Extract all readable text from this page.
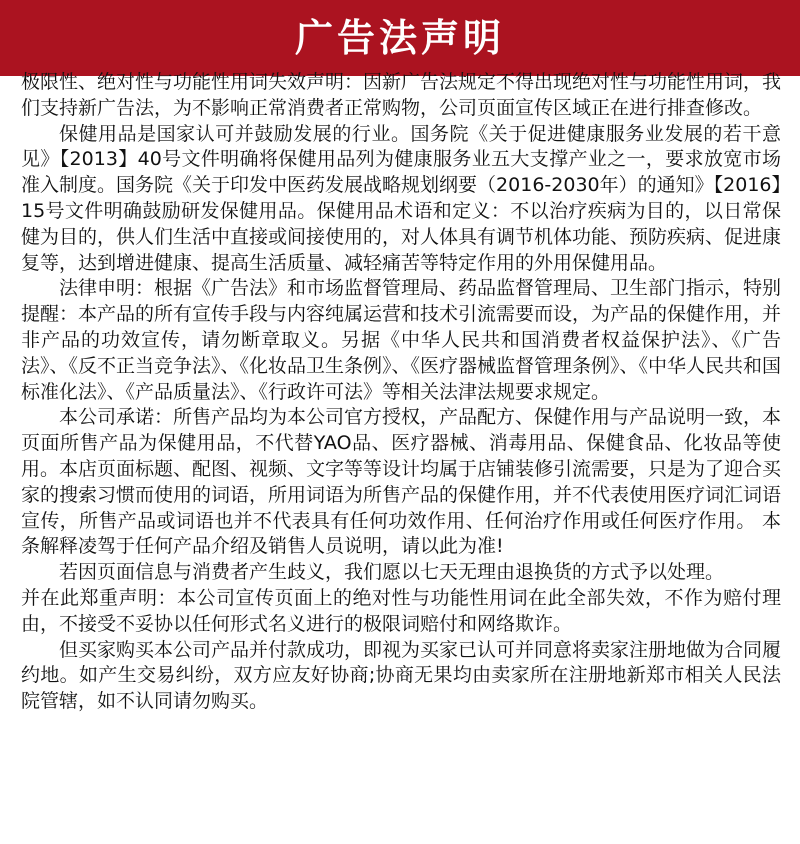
广告法声明

极限性、绝对性与功能性用词失效声明：因新广告法规定不得出现绝对性与功能性用词，我们支持新广告法，为不影响正常消费者正常购物，公司页面宣传区域正在进行排查修改。

保健用品是国家认可并鼓励发展的行业。国务院《关于促进健康服务业发展的若干意见》【2013】40号文件明确将保健用品列为健康服务业五大支撑产业之一，要求放宽市场准入制度。国务院《关于印发中医药发展战略规划纲要（2016-2030年）的通知》【2016】15号文件明确鼓励研发保健用品。保健用品术语和定义：不以治疗疾病为目的，以日常保健为目的，供人们生活中直接或间接使用的，对人体具有调节机体功能、预防疾病、促进康复等，达到增进健康、提高生活质量、减轻痛苦等特定作用的外用保健用品。

法律申明：根据《广告法》和市场监督管理局、药品监督管理局、卫生部门指示，特别提醒：本产品的所有宣传手段与内容纯属运营和技术引流需要而设，为产品的保健作用，并非产品的功效宣传，请勿断章取义。另据《中华人民共和国消费者权益保护法》、《广告法》、《反不正当竞争法》、《化妆品卫生条例》、《医疗器械监督管理条例》、《中华人民共和国标准化法》、《产品质量法》、《行政许可法》等相关法津法规要求规定。

本公司承诺：所售产品均为本公司官方授权，产品配方、保健作用与产品说明一致，本页面所售产品为保健用品，不代替YAO品、医疗器械、消毒用品、保健食品、化妆品等使用。本店页面标题、配图、视频、文字等等设计均属于店铺装修引流需要，只是为了迎合买家的搜索习惯而使用的词语，所用词语为所售产品的保健作用，并不代表使用医疗词汇词语宣传，所售产品或词语也并不代表具有任何功效作用、任何治疗作用或任何医疗作用。 本条解释凌驾于任何产品介绍及销售人员说明，请以此为准!

若因页面信息与消费者产生歧义，我们愿以七天无理由退换货的方式予以处理。

并在此郑重声明：本公司宣传页面上的绝对性与功能性用词在此全部失效，不作为赔付理由，不接受不妥协以任何形式名义进行的极限词赔付和网络欺诈。

但买家购买本公司产品并付款成功，即视为买家已认可并同意将卖家注册地做为合同履约地。如产生交易纠纷，双方应友好协商;协商无果均由卖家所在注册地新郑市相关人民法院管辖，如不认同请勿购买。
